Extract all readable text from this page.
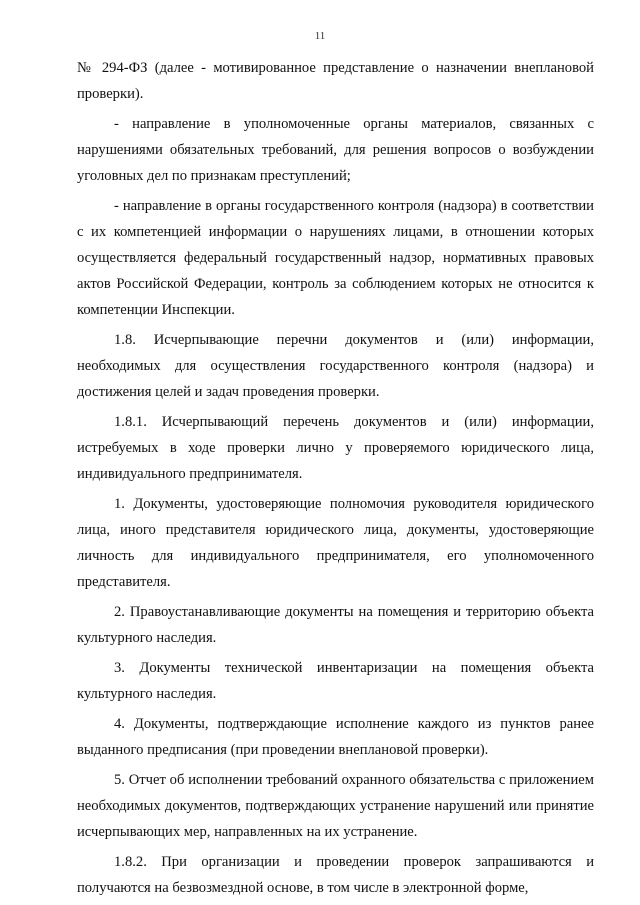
11

№ 294-ФЗ (далее - мотивированное представление о назначении внеплановой проверки).

- направление в уполномоченные органы материалов, связанных с нарушениями обязательных требований, для решения вопросов о возбуждении уголовных дел по признакам преступлений;

- направление в органы государственного контроля (надзора) в соответствии с их компетенцией информации о нарушениях лицами, в отношении которых осуществляется федеральный государственный надзор, нормативных правовых актов Российской Федерации, контроль за соблюдением которых не относится к компетенции Инспекции.

1.8. Исчерпывающие перечни документов и (или) информации, необходимых для осуществления государственного контроля (надзора) и достижения целей и задач проведения проверки.

1.8.1. Исчерпывающий перечень документов и (или) информации, истребуемых в ходе проверки лично у проверяемого юридического лица, индивидуального предпринимателя.

1. Документы, удостоверяющие полномочия руководителя юридического лица, иного представителя юридического лица, документы, удостоверяющие личность для индивидуального предпринимателя, его уполномоченного представителя.

2. Правоустанавливающие документы на помещения и территорию объекта культурного наследия.

3. Документы технической инвентаризации на помещения объекта культурного наследия.

4. Документы, подтверждающие исполнение каждого из пунктов ранее выданного предписания (при проведении внеплановой проверки).

5. Отчет об исполнении требований охранного обязательства с приложением необходимых документов, подтверждающих устранение нарушений или принятие исчерпывающих мер, направленных на их устранение.

1.8.2. При организации и проведении проверок запрашиваются и получаются на безвозмездной основе, в том числе в электронной форме,
